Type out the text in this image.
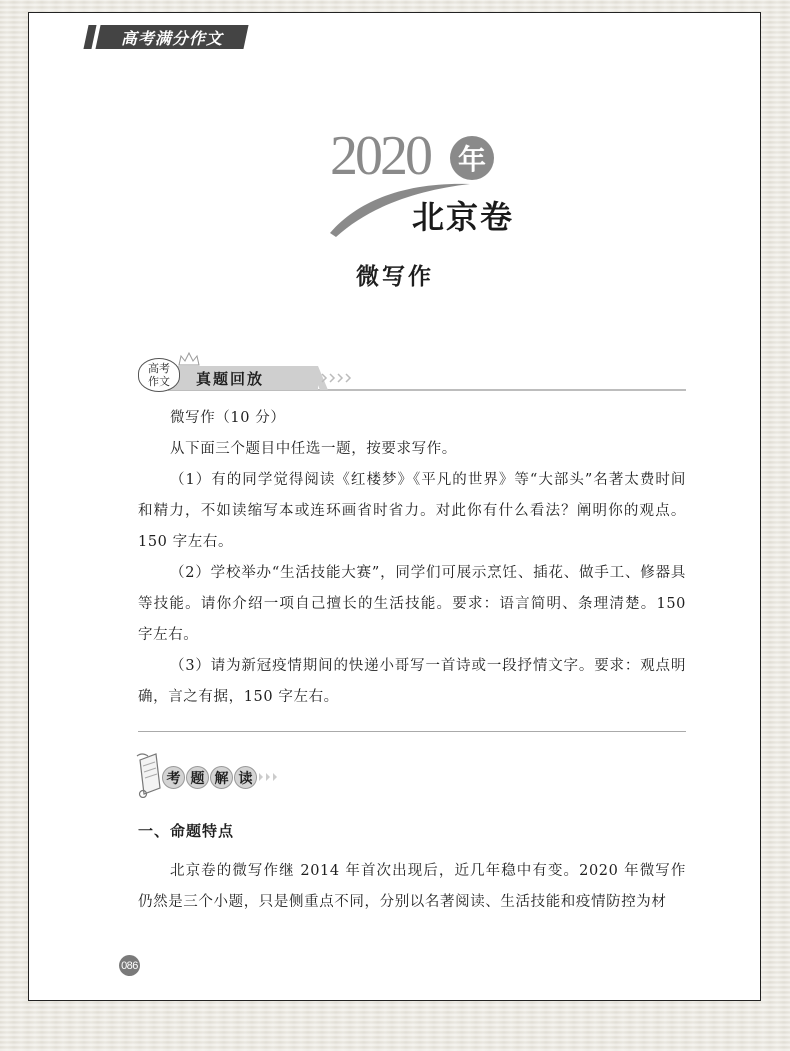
高考满分作文
2020 年
北京卷
微写作
真题回放
高考
作文

微写作（10 分）

从下面三个题目中任选一题，按要求写作。

（1）有的同学觉得阅读《红楼梦》《平凡的世界》等“大部头”名著太费时间和精力，不如读缩写本或连环画省时省力。对此你有什么看法？阐明你的观点。150 字左右。

（2）学校举办“生活技能大赛”，同学们可展示烹饪、插花、做手工、修器具等技能。请你介绍一项自己擅长的生活技能。要求：语言简明、条理清楚。150 字左右。

（3）请为新冠疫情期间的快递小哥写一首诗或一段抒情文字。要求：观点明确，言之有据，150 字左右。

考 题 解 读
一、命题特点

北京卷的微写作继 2014 年首次出现后，近几年稳中有变。2020 年微写作仍然是三个小题，只是侧重点不同，分别以名著阅读、生活技能和疫情防控为材

086
